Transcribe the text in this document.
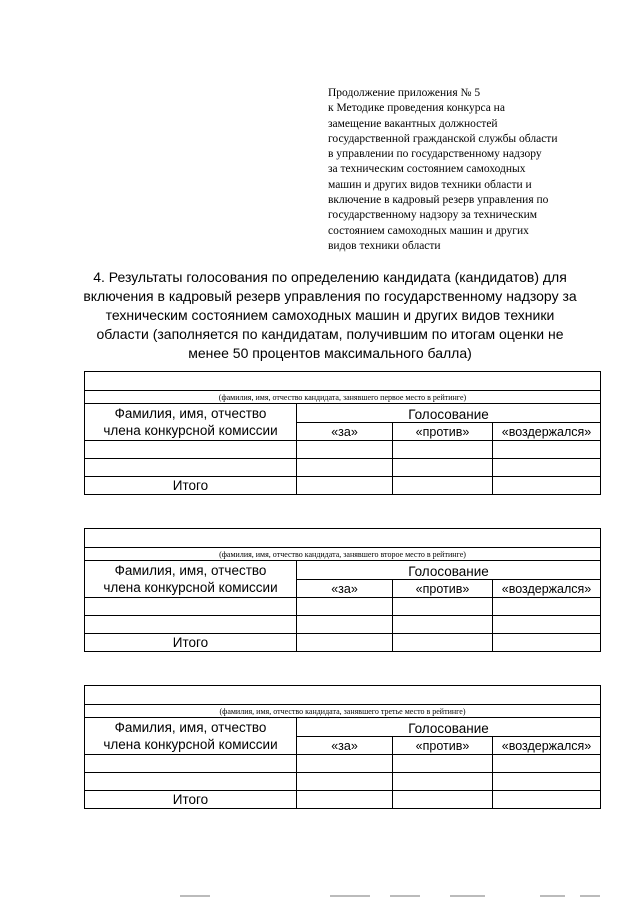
Продолжение приложения № 5
к Методике проведения конкурса на
замещение вакантных должностей
государственной гражданской службы области
в управлении по государственному надзору
за техническим состоянием самоходных
машин и других видов техники области и
включение в кадровый резерв управления по
государственному надзору за техническим
состоянием самоходных машин и других
видов техники области
4. Результаты голосования по определению кандидата (кандидатов) для
включения в кадровый резерв управления по государственному надзору за
техническим состоянием самоходных машин и других видов техники
области (заполняется по кандидатам, получившим по итогам оценки не
менее 50 процентов максимального балла)

(фамилия, имя, отчество кандидата, занявшего первое место в рейтинге)			

Фамилия, имя, отчество
члена конкурсной комиссии	Голосование		
	«за»	«против»	«воздержался»

Итого			

(фамилия, имя, отчество кандидата, занявшего второе место в рейтинге)			

Фамилия, имя, отчество
члена конкурсной комиссии	Голосование		
	«за»	«против»	«воздержался»

Итого			

(фамилия, имя, отчество кандидата, занявшего третье место в рейтинге)			

Фамилия, имя, отчество
члена конкурсной комиссии	Голосование		
	«за»	«против»	«воздержался»

Итого			
